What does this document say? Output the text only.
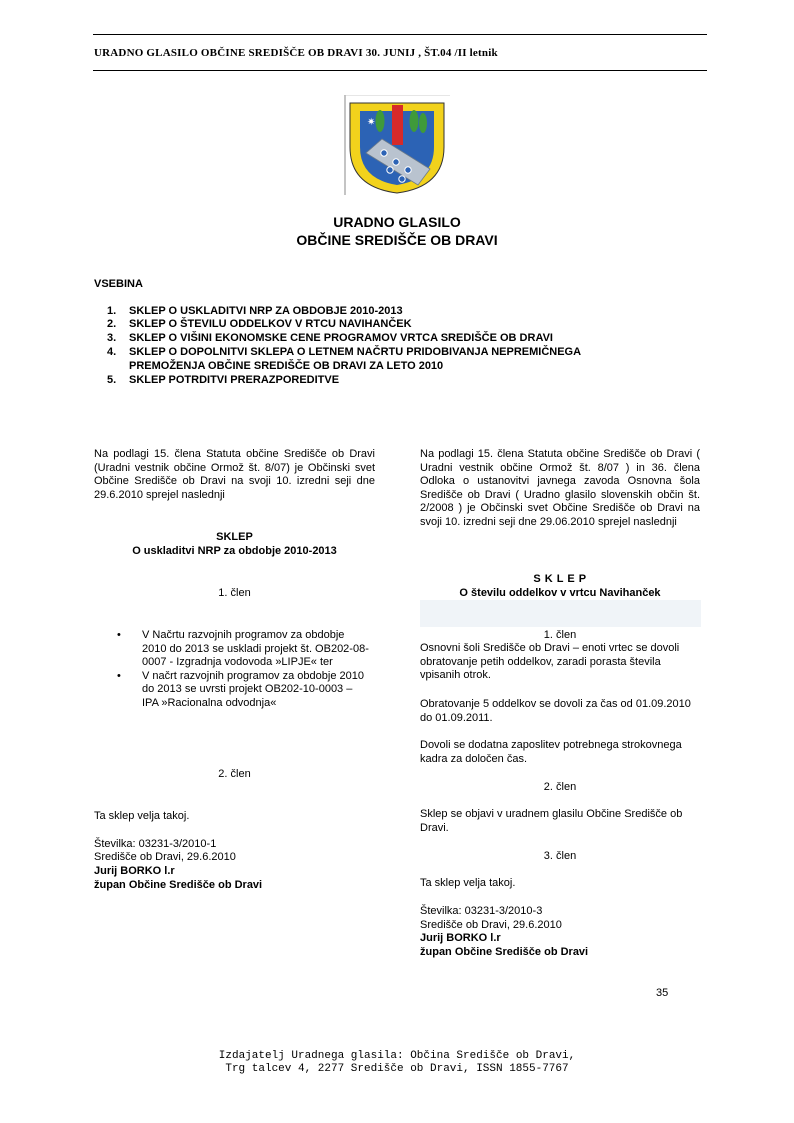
URADNO GLASILO OBČINE SREDIŠČE OB DRAVI 30. JUNIJ , ŠT.04 /II letnik
✷
URADNO GLASILO
OBČINE SREDIŠČE OB DRAVI
VSEBINA
1. SKLEP O USKLADITVI NRP ZA OBDOBJE 2010-2013
2. SKLEP O ŠTEVILU ODDELKOV V RTCU NAVIHANČEK
3. SKLEP O VIŠINI EKONOMSKE CENE PROGRAMOV VRTCA SREDIŠČE OB DRAVI
4. SKLEP O DOPOLNITVI SKLEPA O LETNEM NAČRTU PRIDOBIVANJA NEPREMIČNEGA
PREMOŽENJA OBČINE SREDIŠČE OB DRAVI ZA LETO 2010
5. SKLEP POTRDITVI PRERAZPOREDITVE
Na podlagi 15. člena Statuta občine Središče ob Dravi (Uradni vestnik občine Ormož št. 8/07) je Občinski svet Občine Središče ob Dravi na svoji 10. izredni seji dne 29.6.2010 sprejel naslednji
SKLEP
O uskladitvi NRP za obdobje 2010-2013
1. člen
• V Načrtu razvojnih programov za obdobje 2010 do 2013 se uskladi projekt št. OB202-08-0007 - Izgradnja vodovoda »LIPJE« ter
• V načrt razvojnih programov za obdobje 2010 do 2013 se uvrsti projekt OB202-10-0003 – IPA »Racionalna odvodnja«
2. člen
Ta sklep velja takoj.
Številka: 03231-3/2010-1
Središče ob Dravi, 29.6.2010
Jurij BORKO l.r
župan Občine Središče ob Dravi
Na podlagi 15. člena Statuta občine Središče ob Dravi ( Uradni vestnik občine Ormož št. 8/07 ) in 36. člena Odloka o ustanovitvi javnega zavoda Osnovna šola Središče ob Dravi ( Uradno glasilo slovenskih občin št. 2/2008 ) je Občinski svet Občine Središče ob Dravi na svoji 10. izredni seji dne 29.06.2010 sprejel naslednji
S K L E P
O številu oddelkov v vrtcu Navihanček
1. člen
Osnovni šoli Središče ob Dravi – enoti vrtec se dovoli obratovanje petih oddelkov, zaradi porasta števila vpisanih otrok.
Obratovanje 5 oddelkov se dovoli za čas od 01.09.2010 do 01.09.2011.
Dovoli se dodatna zaposlitev potrebnega strokovnega kadra za določen čas.
2. člen
Sklep se objavi v uradnem glasilu Občine Središče ob Dravi.
3. člen
Ta sklep velja takoj.
Številka: 03231-3/2010-3
Središče ob Dravi, 29.6.2010
Jurij BORKO l.r
župan Občine Središče ob Dravi
35
Izdajatelj Uradnega glasila: Občina Središče ob Dravi,
Trg talcev 4, 2277 Središče ob Dravi, ISSN 1855-7767
